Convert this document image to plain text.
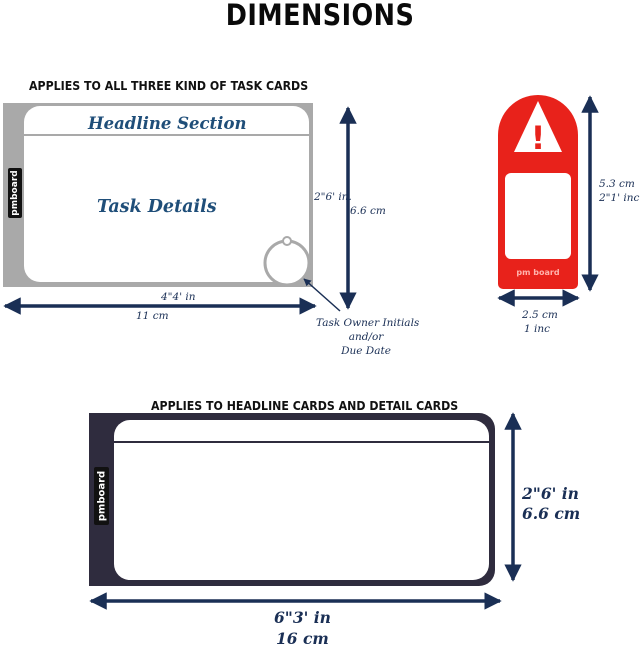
DIMENSIONS
APPLIES TO ALL THREE KIND OF TASK CARDS
APPLIES TO HEADLINE CARDS AND DETAIL CARDS
Headline Section
Task Details
pmboard
pmboard
pm board
2"6' in.
6.6 cm
4"4' in
11 cm
Task Owner Initials
and/or
Due Date
5.3 cm
2"1' inc
2.5 cm
1 inc
2"6' in
6.6 cm
6"3' in
16 cm
!
